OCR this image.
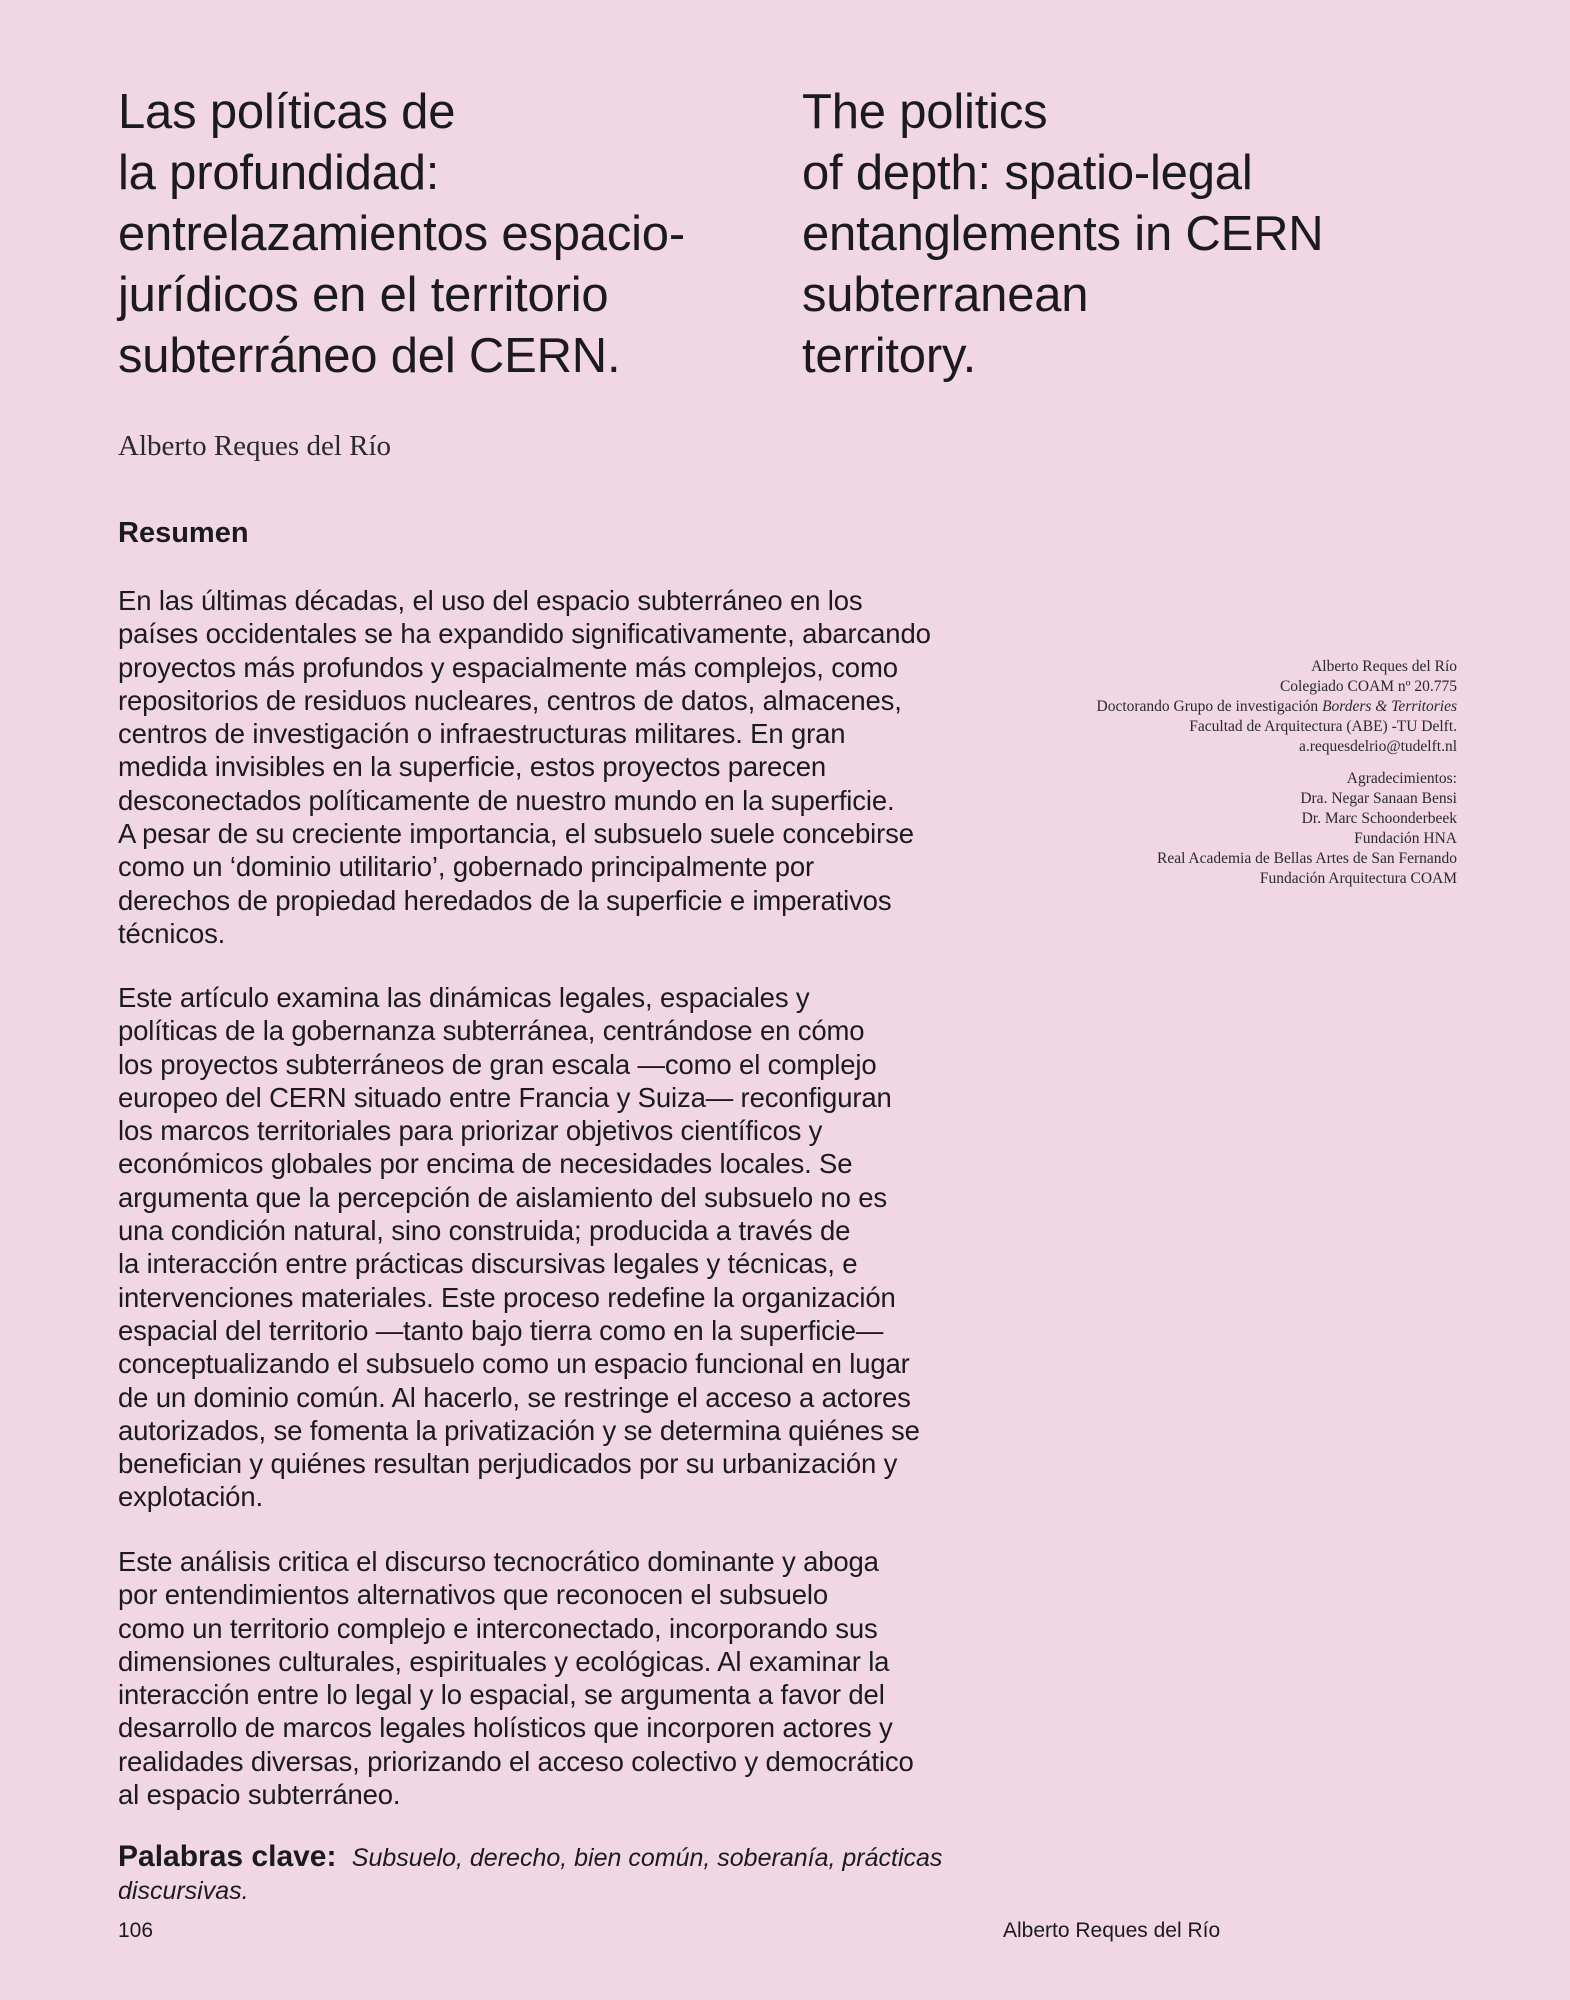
Las políticas de
la profundidad:
entrelazamientos espacio-
jurídicos en el territorio
subterráneo del CERN.
The politics
of depth: spatio-legal
entanglements in CERN
subterranean
territory.
Alberto Reques del Río
Resumen
En las últimas décadas, el uso del espacio subterráneo en los
países occidentales se ha expandido significativamente, abarcando
proyectos más profundos y espacialmente más complejos, como
repositorios de residuos nucleares, centros de datos, almacenes,
centros de investigación o infraestructuras militares. En gran
medida invisibles en la superficie, estos proyectos parecen
desconectados políticamente de nuestro mundo en la superficie.
A pesar de su creciente importancia, el subsuelo suele concebirse
como un ‘dominio utilitario’, gobernado principalmente por
derechos de propiedad heredados de la superficie e imperativos
técnicos.
Este artículo examina las dinámicas legales, espaciales y
políticas de la gobernanza subterránea, centrándose en cómo
los proyectos subterráneos de gran escala —como el complejo
europeo del CERN situado entre Francia y Suiza— reconfiguran
los marcos territoriales para priorizar objetivos científicos y
económicos globales por encima de necesidades locales. Se
argumenta que la percepción de aislamiento del subsuelo no es
una condición natural, sino construida; producida a través de
la interacción entre prácticas discursivas legales y técnicas, e
intervenciones materiales. Este proceso redefine la organización
espacial del territorio —tanto bajo tierra como en la superficie—
conceptualizando el subsuelo como un espacio funcional en lugar
de un dominio común. Al hacerlo, se restringe el acceso a actores
autorizados, se fomenta la privatización y se determina quiénes se
benefician y quiénes resultan perjudicados por su urbanización y
explotación.
Este análisis critica el discurso tecnocrático dominante y aboga
por entendimientos alternativos que reconocen el subsuelo
como un territorio complejo e interconectado, incorporando sus
dimensiones culturales, espirituales y ecológicas. Al examinar la
interacción entre lo legal y lo espacial, se argumenta a favor del
desarrollo de marcos legales holísticos que incorporen actores y
realidades diversas, priorizando el acceso colectivo y democrático
al espacio subterráneo.
Palabras clave: Subsuelo, derecho, bien común, soberanía, prácticas
discursivas.
Alberto Reques del Río
Colegiado COAM nº 20.775
Doctorando Grupo de investigación Borders & Territories
Facultad de Arquitectura (ABE) -TU Delft.
a.requesdelrio@tudelft.nl
Agradecimientos:
Dra. Negar Sanaan Bensi
Dr. Marc Schoonderbeek
Fundación HNA
Real Academia de Bellas Artes de San Fernando
Fundación Arquitectura COAM
106	Alberto Reques del Río
